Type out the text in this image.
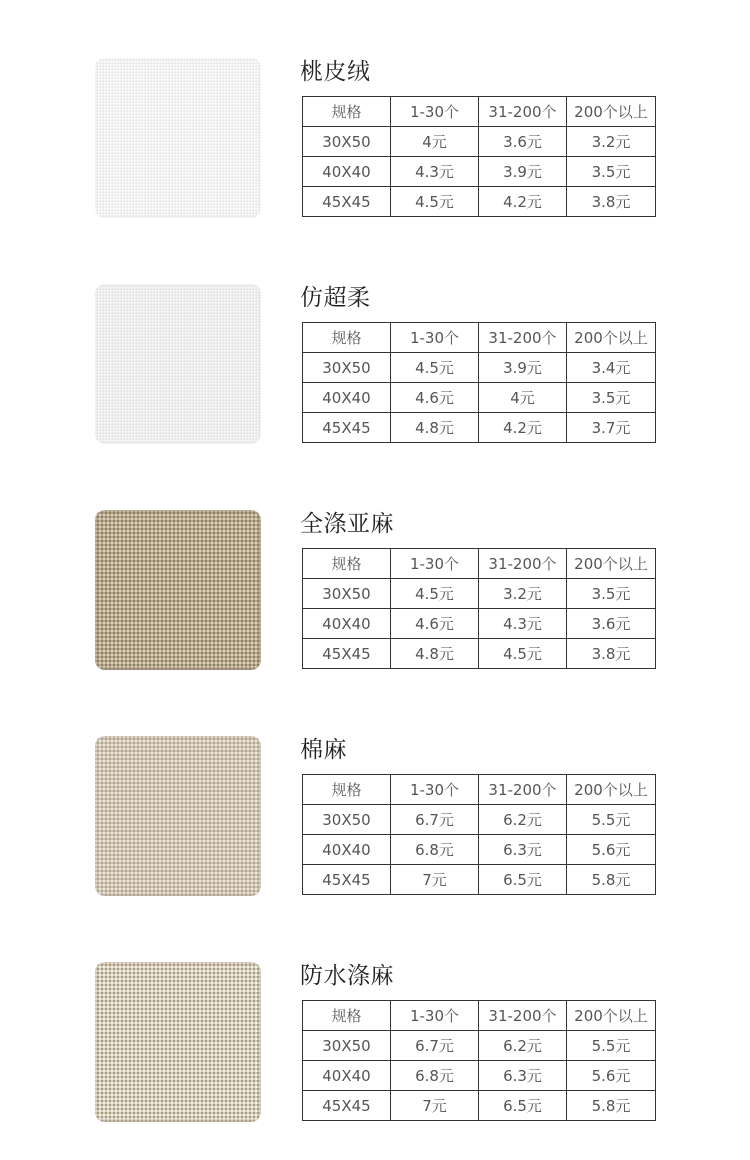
桃皮绒
规格	1-30个	31-200个	200个以上
30X50	4元	3.6元	3.2元
40X40	4.3元	3.9元	3.5元
45X45	4.5元	4.2元	3.8元
仿超柔
规格	1-30个	31-200个	200个以上
30X50	4.5元	3.9元	3.4元
40X40	4.6元	4元	3.5元
45X45	4.8元	4.2元	3.7元
全涤亚麻
规格	1-30个	31-200个	200个以上
30X50	4.5元	3.2元	3.5元
40X40	4.6元	4.3元	3.6元
45X45	4.8元	4.5元	3.8元
棉麻
规格	1-30个	31-200个	200个以上
30X50	6.7元	6.2元	5.5元
40X40	6.8元	6.3元	5.6元
45X45	7元	6.5元	5.8元
防水涤麻
规格	1-30个	31-200个	200个以上
30X50	6.7元	6.2元	5.5元
40X40	6.8元	6.3元	5.6元
45X45	7元	6.5元	5.8元
